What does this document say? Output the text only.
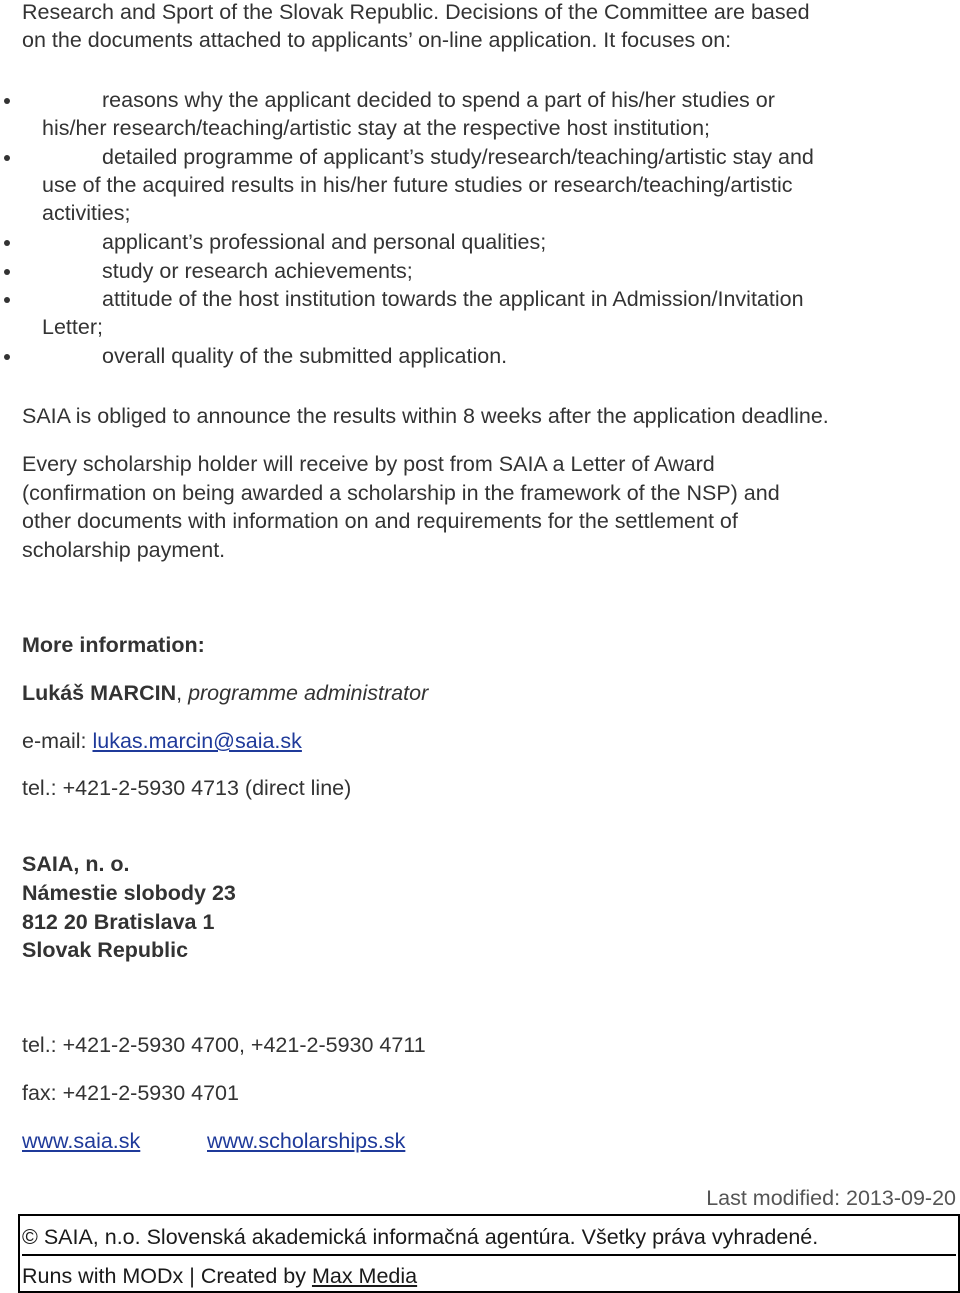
Research and Sport of the Slovak Republic. Decisions of the Committee are based
on the documents attached to applicants’ on-line application. It focuses on:
reasons why the applicant decided to spend a part of his/her studies or
his/her research/teaching/artistic stay at the respective host institution;
detailed programme of applicant’s study/research/teaching/artistic stay and
use of the acquired results in his/her future studies or research/teaching/artistic
activities;
applicant’s professional and personal qualities;
study or research achievements;
attitude of the host institution towards the applicant in Admission/Invitation
Letter;
overall quality of the submitted application.
SAIA is obliged to announce the results within 8 weeks after the application deadline.
Every scholarship holder will receive by post from SAIA a Letter of Award
(confirmation on being awarded a scholarship in the framework of the NSP) and
other documents with information on and requirements for the settlement of
scholarship payment.
More information:
Lukáš MARCIN, programme administrator
e-mail: lukas.marcin@saia.sk
tel.: +421-2-5930 4713 (direct line)
SAIA, n. o.
Námestie slobody 23
812 20 Bratislava 1
Slovak Republic
tel.: +421-2-5930 4700, +421-2-5930 4711
fax: +421-2-5930 4701
www.saia.sk	www.scholarships.sk
Last modified: 2013-09-20
© SAIA, n.o. Slovenská akademická informačná agentúra. Všetky práva vyhradené.
Runs with MODx | Created by Max Media
